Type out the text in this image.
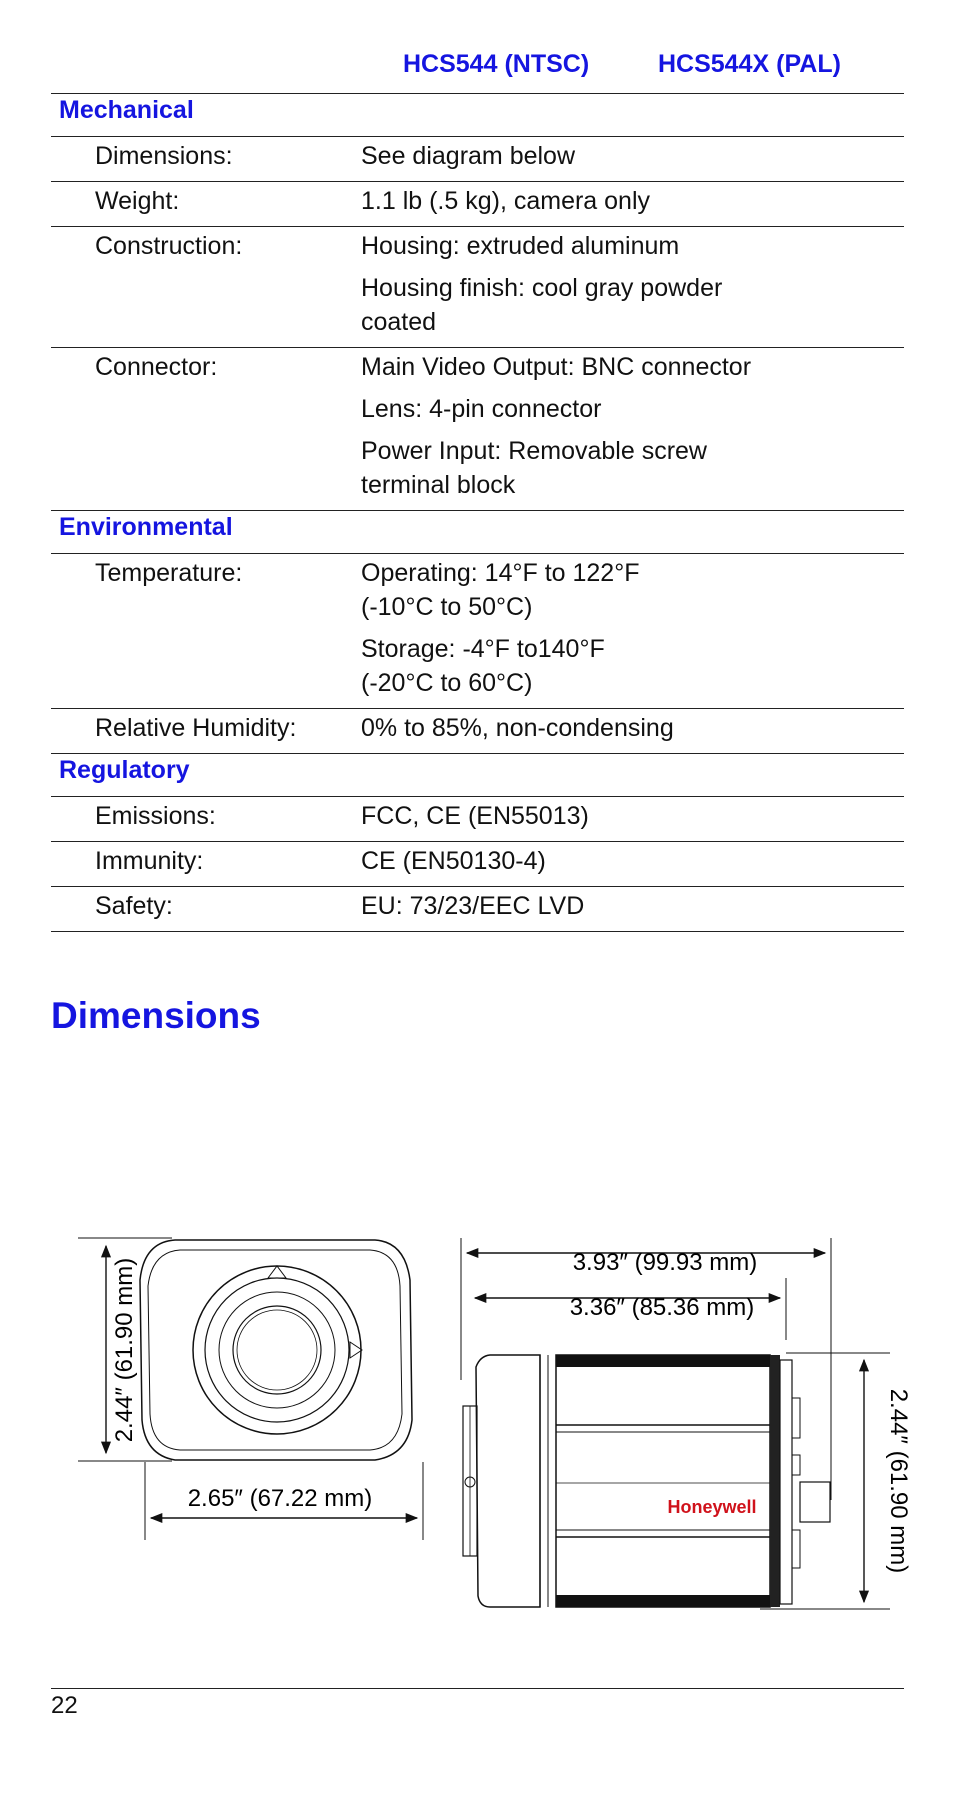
HCS544 (NTSC)	HCS544X (PAL)
Mechanical
Dimensions:	See diagram below
Weight:	1.1 lb (.5 kg), camera only
Construction:	Housing: extruded aluminum
Housing finish: cool gray powder
coated
Connector:	Main Video Output: BNC connector
Lens: 4-pin connector
Power Input: Removable screw
terminal block
Environmental
Temperature:	Operating: 14°F to 122°F
(-10°C to 50°C)
Storage: -4°F to140°F
(-20°C to 60°C)
Relative Humidity:	0% to 85%, non-condensing
Regulatory
Emissions:	FCC, CE (EN55013)
Immunity:	CE (EN50130-4)
Safety:	EU: 73/23/EEC LVD
Dimensions
2.44″ (61.90 mm)
2.65″ (67.22 mm)
3.93″ (99.93 mm)
3.36″ (85.36 mm)
Honeywell	2.44″ (61.90 mm)
22
